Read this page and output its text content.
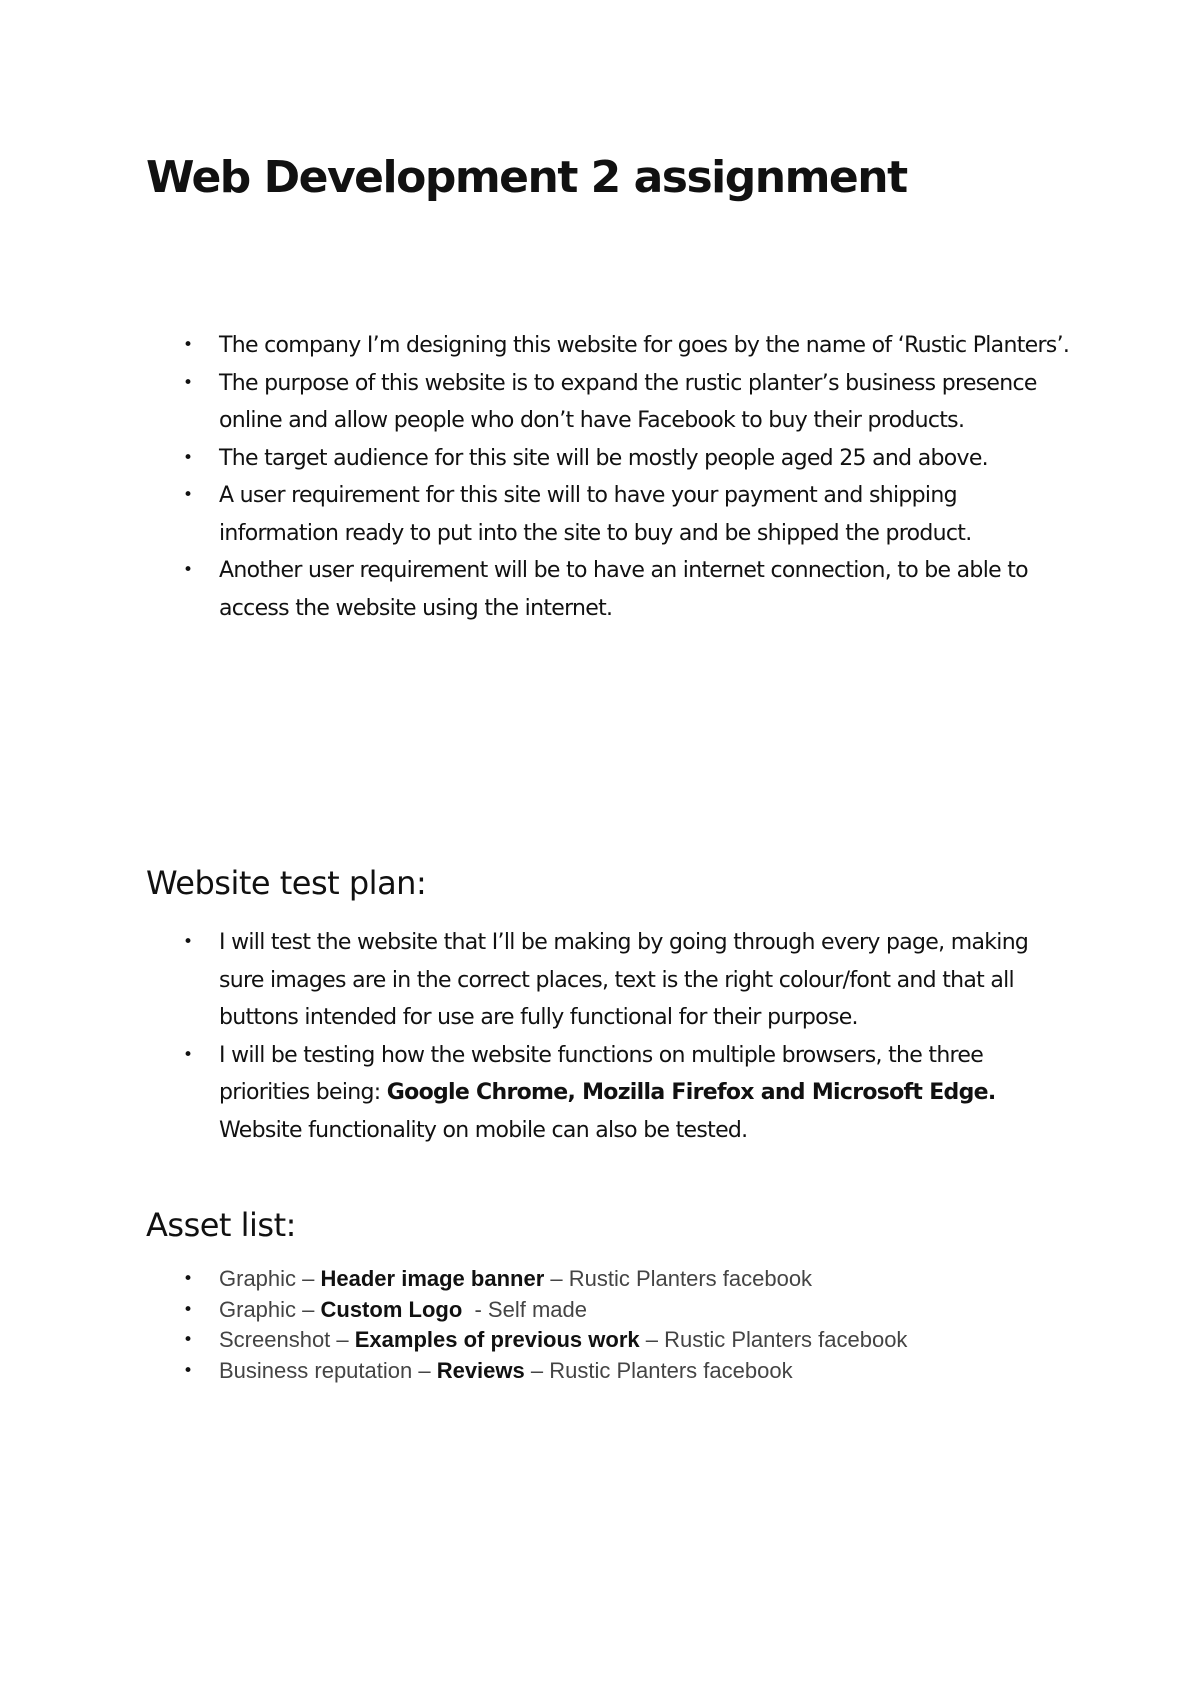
Web Development 2 assignment
• The company I’m designing this website for goes by the name of ‘Rustic Planters’.
• The purpose of this website is to expand the rustic planter’s business presence online and allow people who don’t have Facebook to buy their products.
• The target audience for this site will be mostly people aged 25 and above.
• A user requirement for this site will to have your payment and shipping information ready to put into the site to buy and be shipped the product.
• Another user requirement will be to have an internet connection, to be able to access the website using the internet.
Website test plan:
• I will test the website that I’ll be making by going through every page, making sure images are in the correct places, text is the right colour/font and that all buttons intended for use are fully functional for their purpose.
• I will be testing how the website functions on multiple browsers, the three priorities being: Google Chrome, Mozilla Firefox and Microsoft Edge. Website functionality on mobile can also be tested.
Asset list:
• Graphic – Header image banner – Rustic Planters facebook
• Graphic – Custom Logo  - Self made
• Screenshot – Examples of previous work – Rustic Planters facebook
• Business reputation – Reviews – Rustic Planters facebook
